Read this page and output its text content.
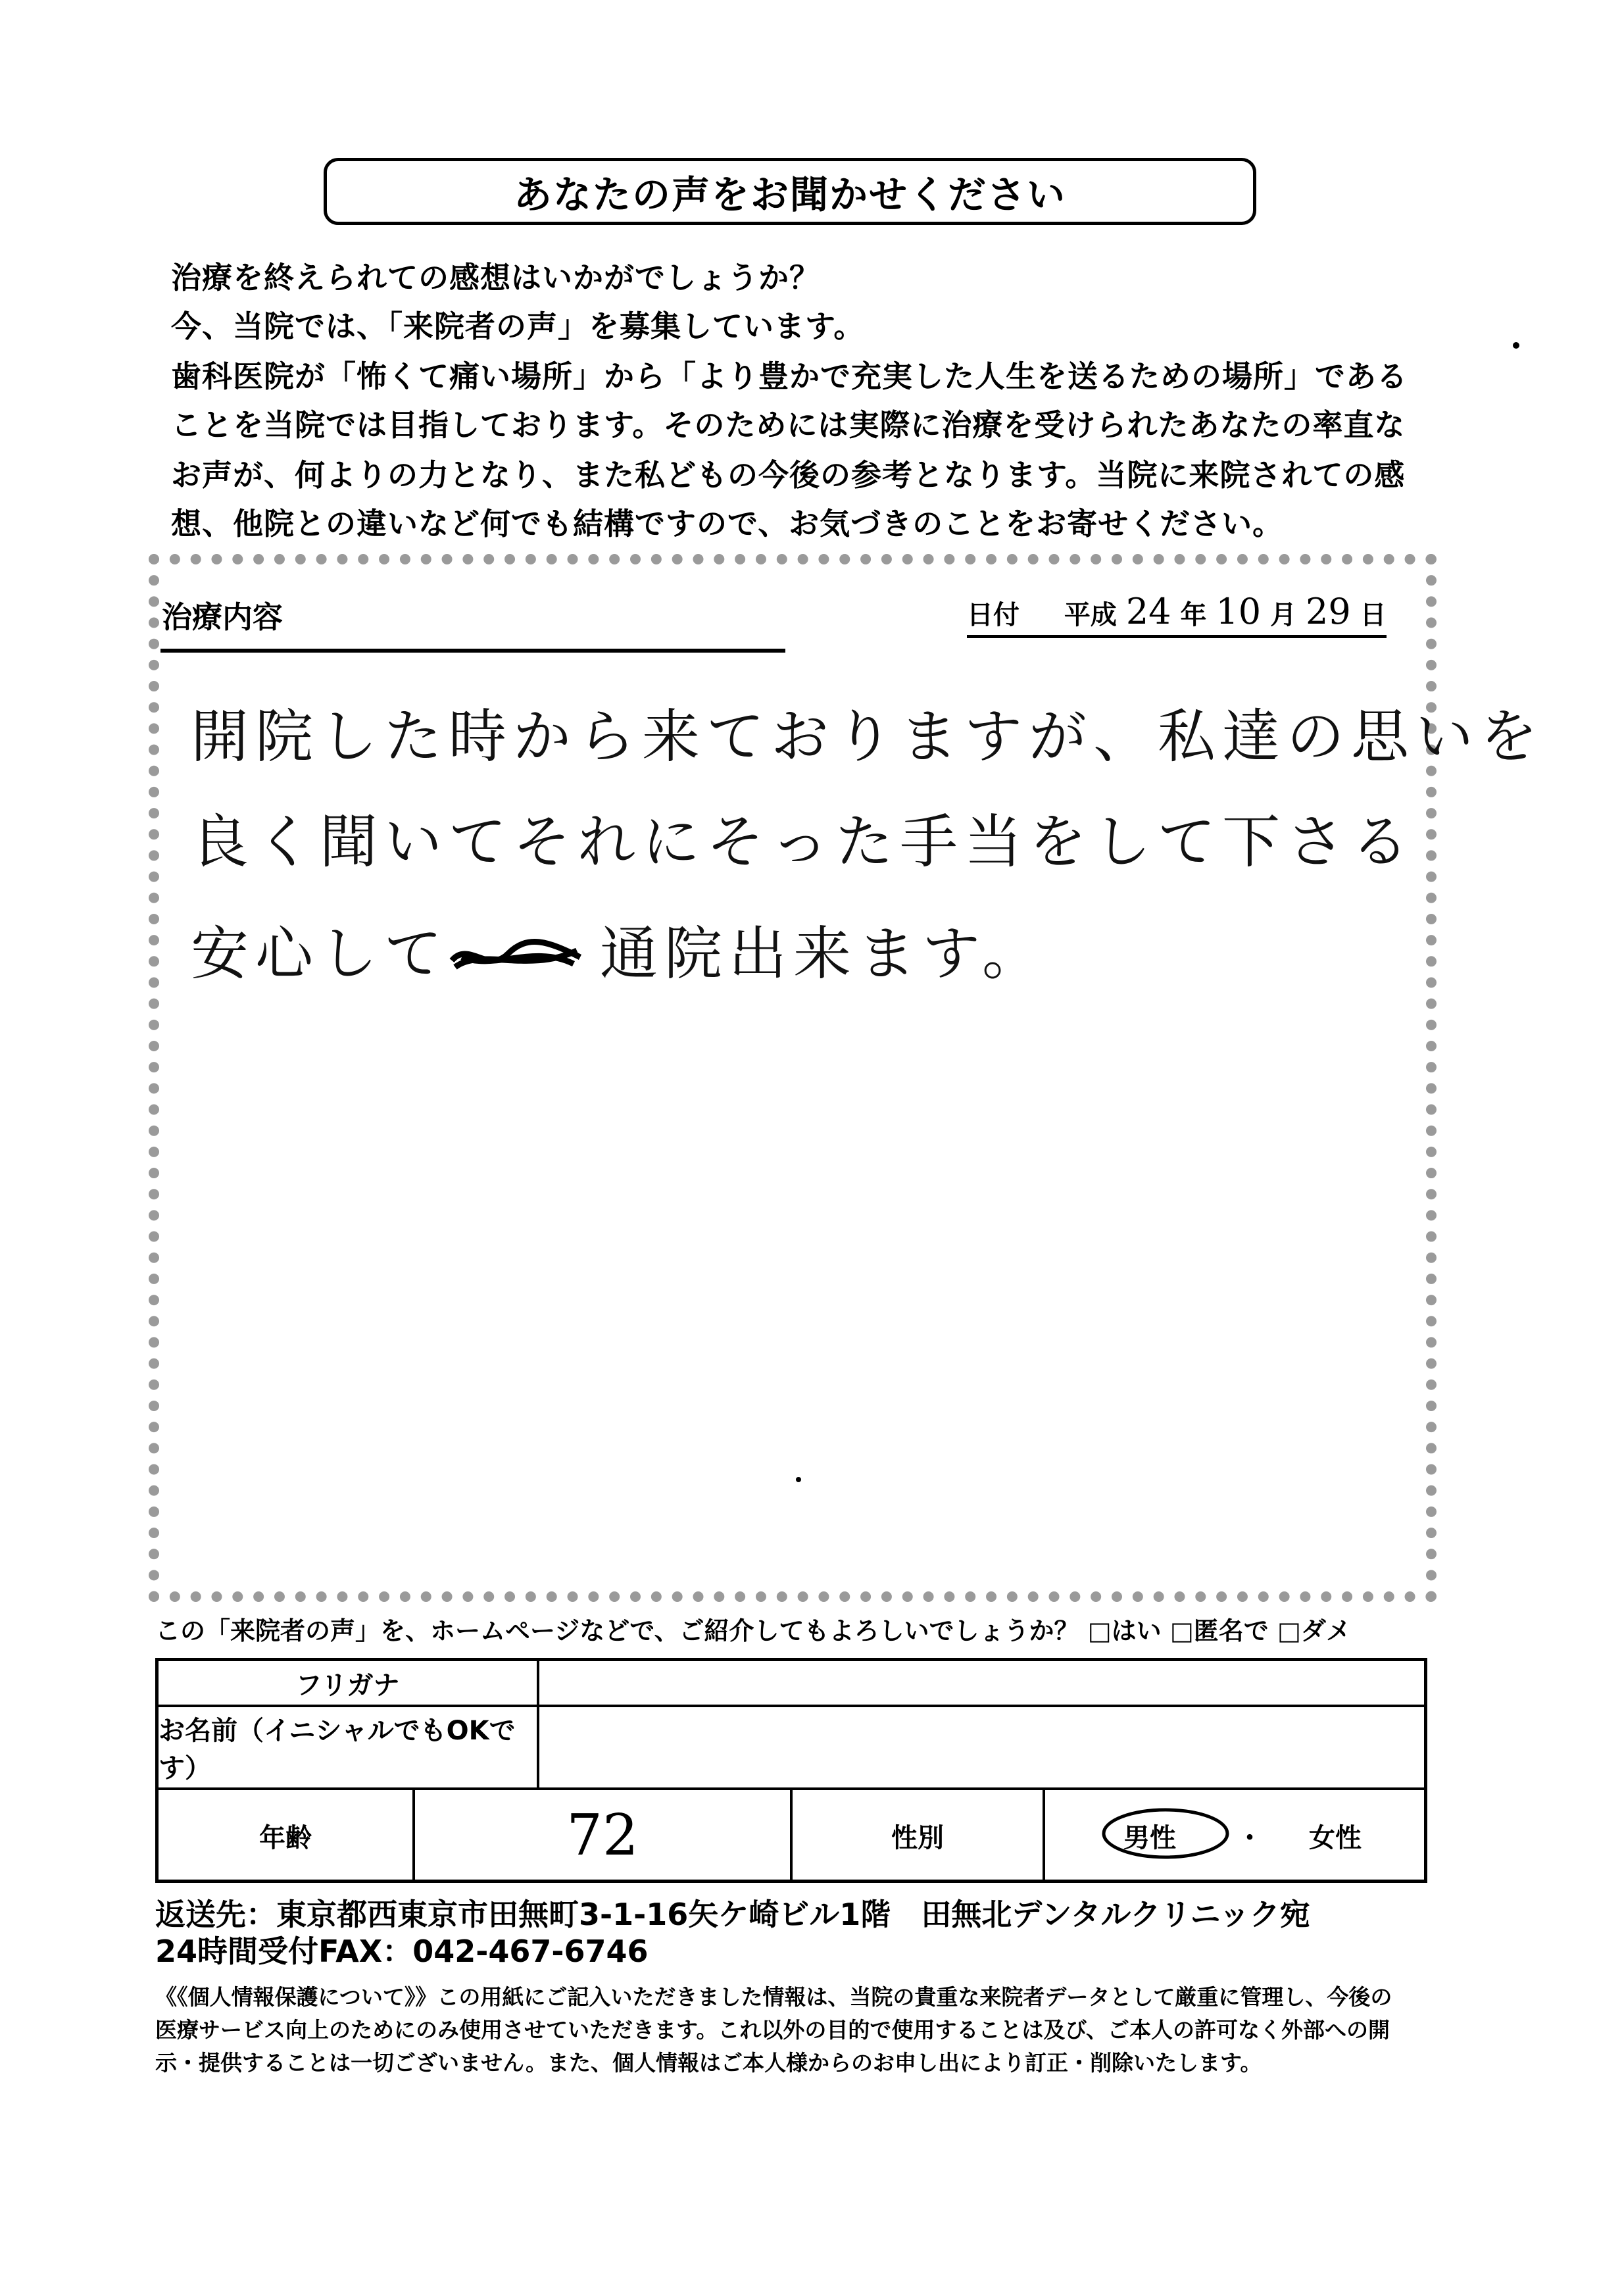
あなたの声をお聞かせください
治療を終えられての感想はいかがでしょうか？
今、当院では、「来院者の声」を募集しています。
歯科医院が「怖くて痛い場所」から「より豊かで充実した人生を送るための場所」である
ことを当院では目指しております。そのためには実際に治療を受けられたあなたの率直な
お声が、何よりの力となり、また私どもの今後の参考となります。当院に来院されての感
想、他院との違いなど何でも結構ですので、お気づきのことをお寄せください。
治療内容	日付 平成 24 年 10 月 29 日
開院した時から来ておりますが、私達の思いを
良く聞いてそれにそった手当をして下さる
安心して	通院出来ます。
この「来院者の声」を、ホームページなどで、ご紹介してもよろしいでしょうか？ □はい □匿名で □ダメ
フリガナ
お名前（イニシャルでもOKです）
年齢	72	性別	男性	・ 女性
返送先：東京都西東京市田無町3-1-16矢ケ崎ビル1階　田無北デンタルクリニック宛
24時間受付FAX：042-467-6746
《《個人情報保護について》》この用紙にご記入いただきました情報は、当院の貴重な来院者データとして厳重に管理し、今後の
医療サービス向上のためにのみ使用させていただきます。これ以外の目的で使用することは及び、ご本人の許可なく外部への開
示・提供することは一切ございません。また、個人情報はご本人様からのお申し出により訂正・削除いたします。
